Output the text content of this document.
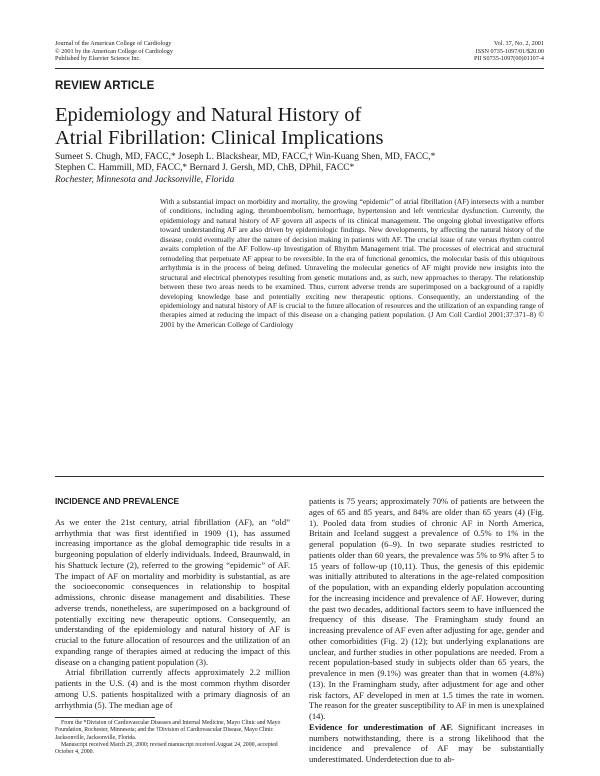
Journal of the American College of Cardiology
© 2001 by the American College of Cardiology
Published by Elsevier Science Inc.
Vol. 37, No. 2, 2001
ISSN 0735-1097/01/$20.00
PII S0735-1097(00)01107-4
REVIEW ARTICLE
Epidemiology and Natural History of
Atrial Fibrillation: Clinical Implications
Sumeet S. Chugh, MD, FACC,* Joseph L. Blackshear, MD, FACC,† Win-Kuang Shen, MD, FACC,*
Stephen C. Hammill, MD, FACC,* Bernard J. Gersh, MD, ChB, DPhil, FACC*
Rochester, Minnesota and Jacksonville, Florida
With a substantial impact on morbidity and mortality, the growing “epidemic” of atrial fibrillation (AF) intersects with a number of conditions, including aging, thromboembolism, hemorrhage, hypertension and left ventricular dysfunction. Currently, the epidemiology and natural history of AF govern all aspects of its clinical management. The ongoing global investigative efforts toward understanding AF are also driven by epidemiologic findings. New developments, by affecting the natural history of the disease, could eventually alter the nature of decision making in patients with AF. The crucial issue of rate versus rhythm control awaits completion of the AF Follow-up Investigation of Rhythm Management trial. The processes of electrical and structural remodeling that perpetuate AF appear to be reversible. In the era of functional genomics, the molecular basis of this ubiquitous arrhythmia is in the process of being defined. Unraveling the molecular genetics of AF might provide new insights into the structural and electrical phenotypes resulting from genetic mutations and, as such, new approaches to therapy. The relationship between these two areas needs to be examined. Thus, current adverse trends are superimposed on a background of a rapidly developing knowledge base and potentially exciting new therapeutic options. Consequently, an understanding of the epidemiology and natural history of AF is crucial to the future allocation of resources and the utilization of an expanding range of therapies aimed at reducing the impact of this disease on a changing patient population. (J Am Coll Cardiol 2001;37:371–8) © 2001 by the American College of Cardiology
INCIDENCE AND PREVALENCE

As we enter the 21st century, atrial fibrillation (AF), an “old” arrhythmia that was first identified in 1909 (1), has assumed increasing importance as the global demographic tide results in a burgeoning population of elderly individuals. Indeed, Braunwald, in his Shattuck lecture (2), referred to the growing “epidemic” of AF. The impact of AF on mortality and morbidity is substantial, as are the socioeconomic consequences in relationship to hospital admissions, chronic disease management and disabilities. These adverse trends, nonetheless, are superimposed on a background of potentially exciting new therapeutic options. Consequently, an understanding of the epidemiology and natural history of AF is crucial to the future allocation of resources and the utilization of an expanding range of therapies aimed at reducing the impact of this disease on a changing patient population (3).

Atrial fibrillation currently affects approximately 2.2 million patients in the U.S. (4) and is the most common rhythm disorder among U.S. patients hospitalized with a primary diagnosis of an arrhythmia (5). The median age of

patients is 75 years; approximately 70% of patients are between the ages of 65 and 85 years, and 84% are older than 65 years (4) (Fig. 1). Pooled data from studies of chronic AF in North America, Britain and Iceland suggest a prevalence of 0.5% to 1% in the general population (6–9). In two separate studies restricted to patients older than 60 years, the prevalence was 5% to 9% after 5 to 15 years of follow-up (10,11). Thus, the genesis of this epidemic was initially attributed to alterations in the age-related composition of the population, with an expanding elderly population accounting for the increasing incidence and prevalence of AF. However, during the past two decades, additional factors seem to have influenced the frequency of this disease. The Framingham study found an increasing prevalence of AF even after adjusting for age, gender and other comorbidities (Fig. 2) (12); but underlying explanations are unclear, and further studies in other populations are needed. From a recent population-based study in subjects older than 65 years, the prevalence in men (9.1%) was greater than that in women (4.8%) (13). In the Framingham study, after adjustment for age and other risk factors, AF developed in men at 1.5 times the rate in women. The reason for the greater susceptibility to AF in men is unexplained (14).

Evidence for underestimation of AF. Significant increases in numbers notwithstanding, there is a strong likelihood that the incidence and prevalence of AF may be substantially underestimated. Underdetection due to ab-

From the *Division of Cardiovascular Diseases and Internal Medicine, Mayo Clinic and Mayo Foundation, Rochester, Minnesota; and the †Division of Cardiovascular Disease, Mayo Clinic Jacksonville, Jacksonville, Florida.

Manuscript received March 29, 2000; revised manuscript received August 24, 2000, accepted October 4, 2000.
